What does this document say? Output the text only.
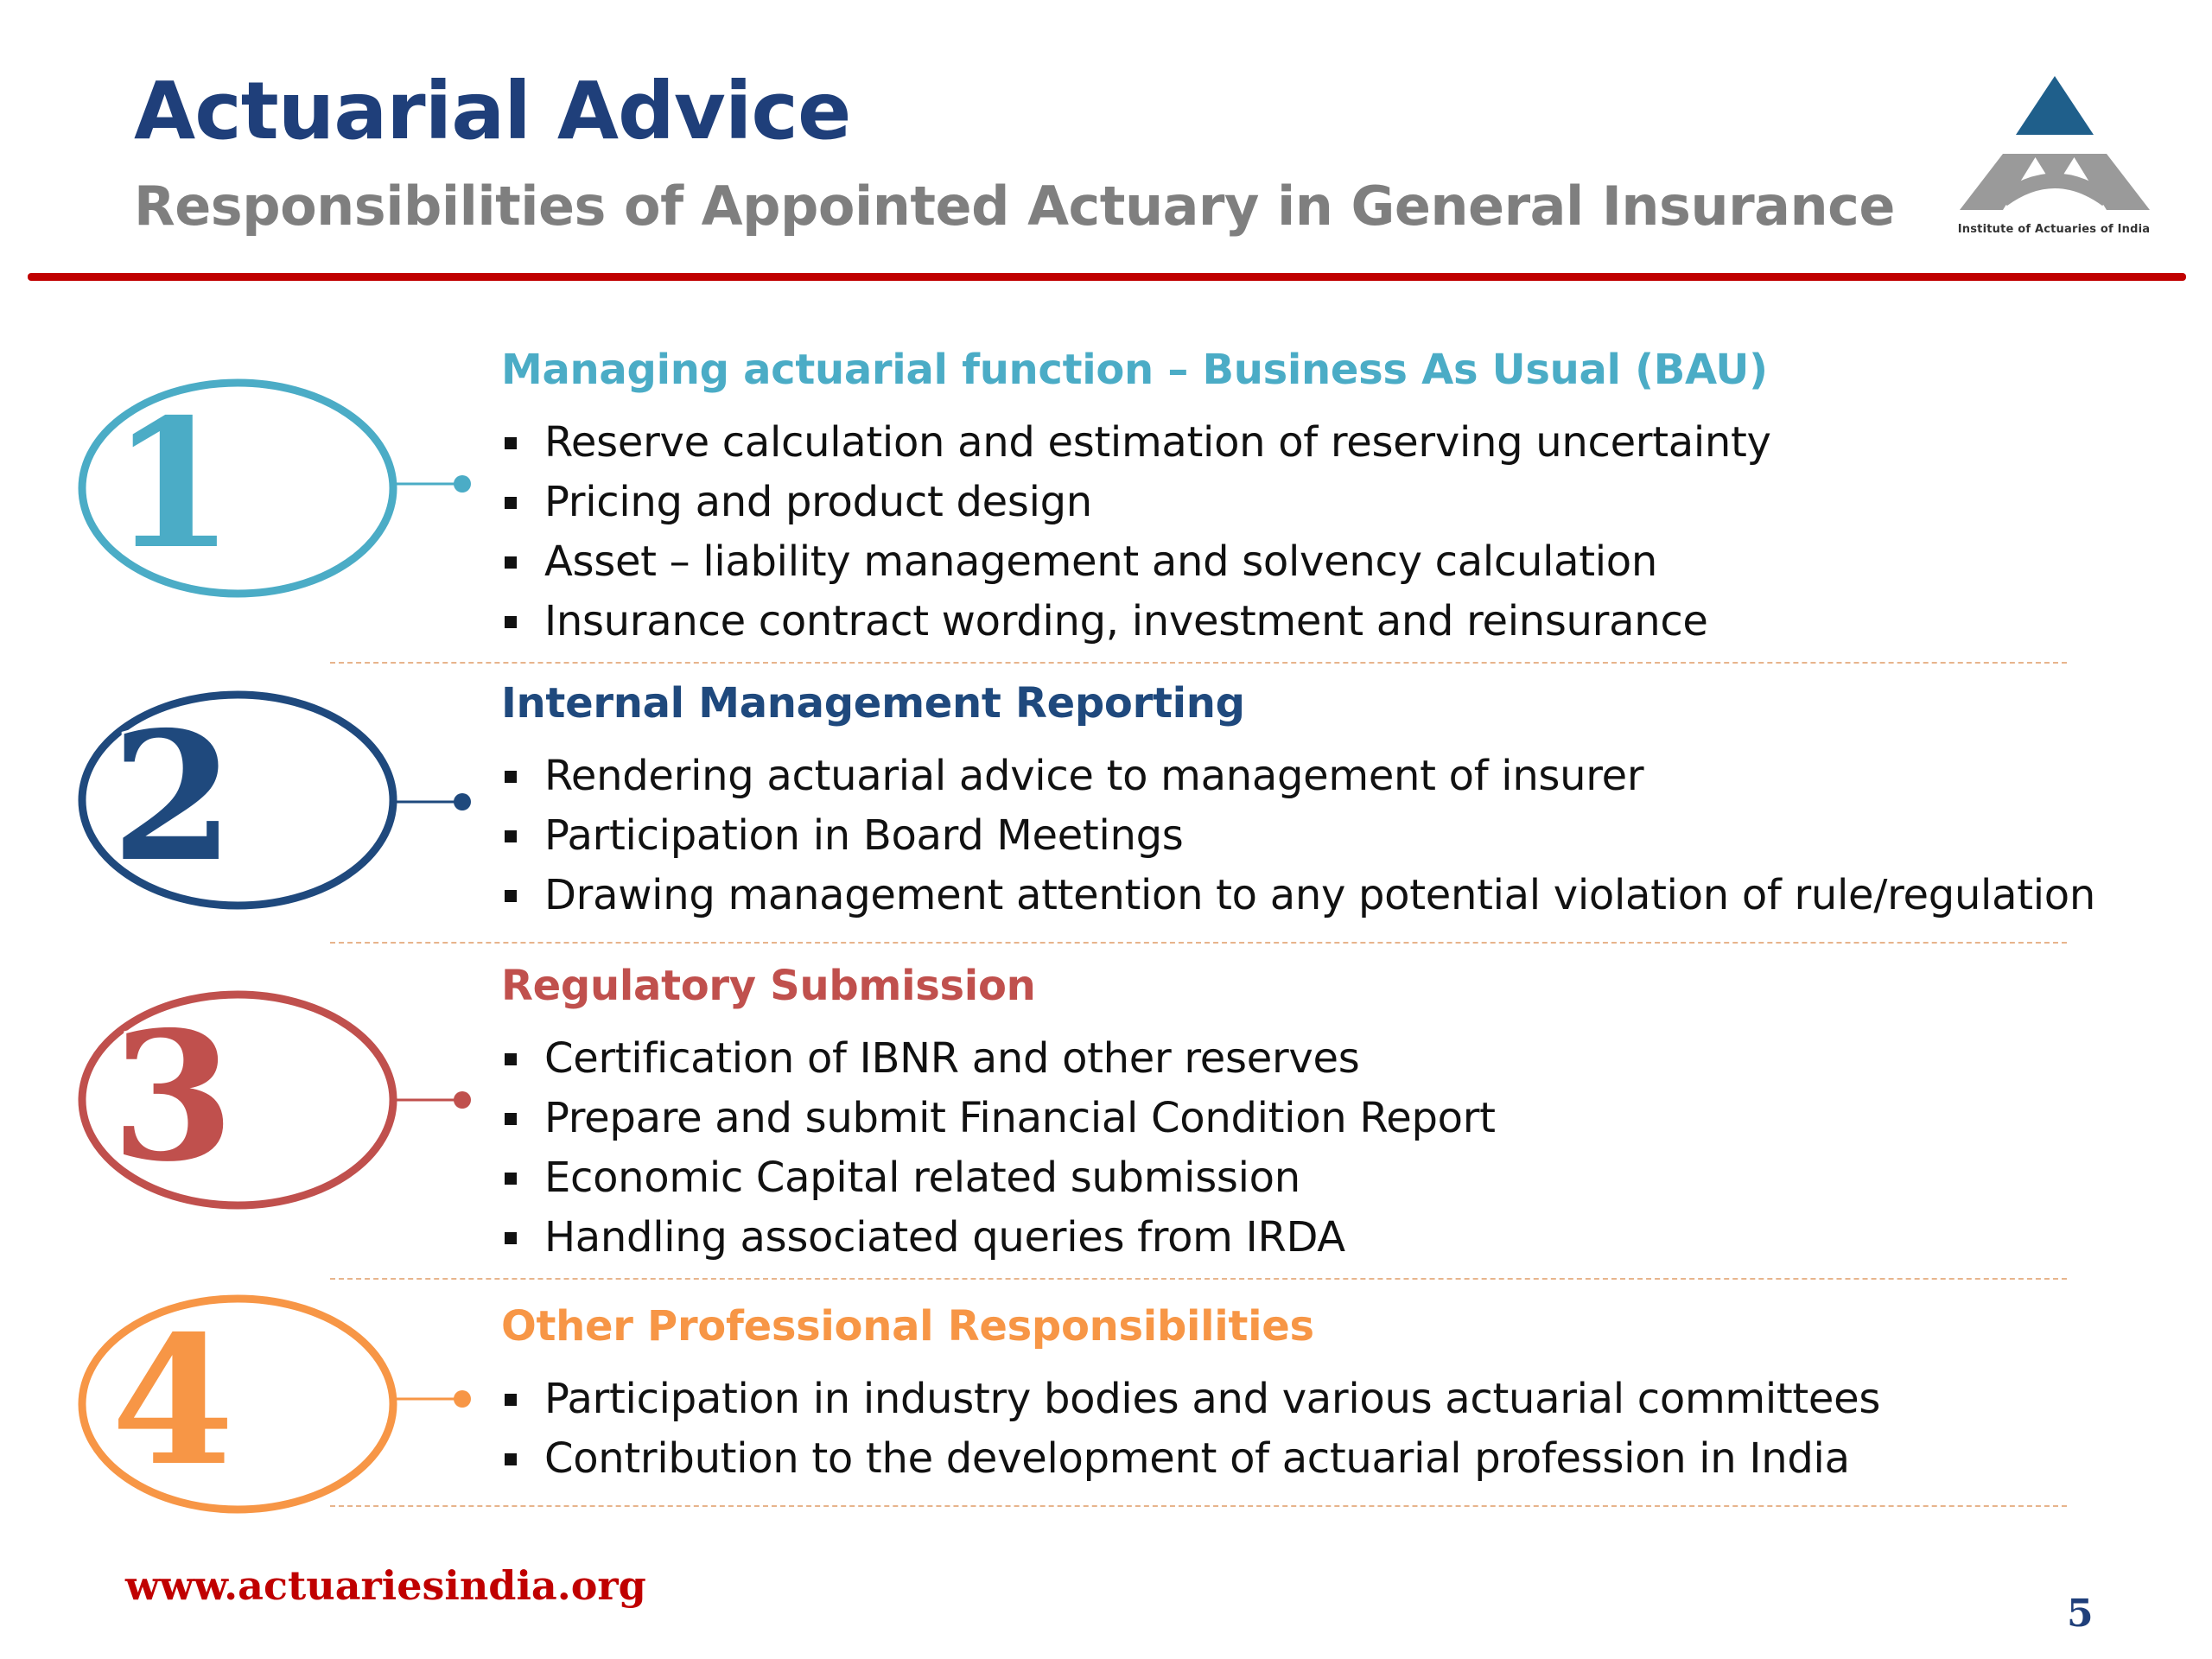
Actuarial Advice
Responsibilities of Appointed Actuary in General Insurance	Institute of Actuaries of India
1
Managing actuarial function – Business As Usual (BAU)
Reserve calculation and estimation of reserving uncertainty
Pricing and product design
Asset – liability management and solvency calculation
Insurance contract wording, investment and reinsurance
2	Internal Management Reporting
Rendering actuarial advice to management of insurer
Participation in Board Meetings
Drawing management attention to any potential violation of rule/regulation
3
Regulatory Submission
Certification of IBNR and other reserves
Prepare and submit Financial Condition Report
Economic Capital related submission
Handling associated queries from IRDA
4	Other Professional Responsibilities
Participation in industry bodies and various actuarial committees
Contribution to the development of actuarial profession in India
www.actuariesindia.org
5
